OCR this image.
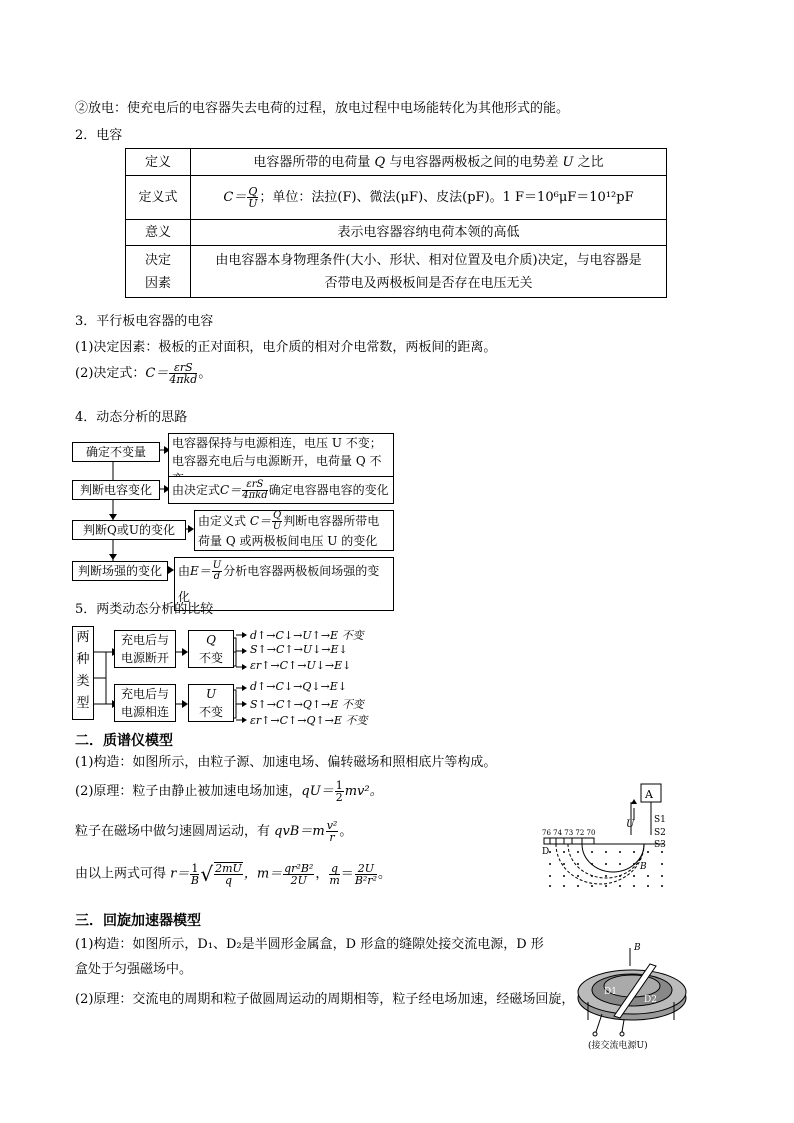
②放电：使充电后的电容器失去电荷的过程，放电过程中电场能转化为其他形式的能。
2．电容
定义	电容器所带的电荷量 Q 与电容器两极板之间的电势差 U 之比
定义式	$C= \frac{Q}{U}$ ；单位：法拉(F)、微法(μF)、皮法(pF)。1 F＝10⁶μF＝10¹²pF
意义	表示电容器容纳电荷本领的高低
决定
因素	由电容器本身物理条件(大小、形状、相对位置及电介质)决定，与电容器是
否带电及两极板间是否存在电压无关
3．平行板电容器的电容
(1)决定因素：极板的正对面积，电介质的相对介电常数，两板间的距离。
(2)决定式：$C= \frac{\text{εrS}}{\text{4πkd}}$ 。
4．动态分析的思路
确定不变量
电容器保持与电源相连，电压 U 不变；
电容器充电后与电源断开，电荷量 Q 不
判断电容变化	由决定式$C= \frac{\text{εrS}}{\text{4πkd}}$ 确定电容器电容的变化
判断Q或U的变化
由定义式 $C= \frac{Q}{U}$ 判断电容器所带电
荷量 Q 或两极板间电压 U 的变化
判断场强的变化	由$E= \frac{U}{d}$ 分析电容器两极板间场强的变化
5．两类动态分析的比较
两
种
类
型
充电后与
电源断开
Q
不变
充电后与
电源相连
U
不变
d↑→C↓→U↑→E 不变
S↑→C↑→U↓→E↓
εr↑→C↑→U↓→E↓
d↑→C↓→Q↓→E↓
S↑→C↑→Q↑→E 不变
εr↑→C↑→Q↑→E 不变
二．质谱仪模型
(1)构造：如图所示，由粒子源、加速电场、偏转磁场和照相底片等构成。
(2)原理：粒子由静止被加速电场加速，$qU= \frac{1}{2} mv^2$。
粒子在磁场中做匀速圆周运动，有 $qvB=m \frac{\text{v²}}{r}$ 。
由以上两式可得 $r= \frac{1}{B}$ √ $\frac{2mU}{q}$ ，$m= \frac{\text{qr²B²}}{2U}$ ， $\frac{q}{m} = \frac{2U}{\text{B²r²}}$ 。
A
U S1
S2
S3
76 74 73 72 70
D
B
三．回旋加速器模型
(1)构造：如图所示，D₁、D₂是半圆形金属盒，D 形盒的缝隙处接交流电源，D 形
盒处于匀强磁场中。
(2)原理：交流电的周期和粒子做圆周运动的周期相等，粒子经电场加速，经磁场回旋，
B
D1
D2
(接交流电源U)
